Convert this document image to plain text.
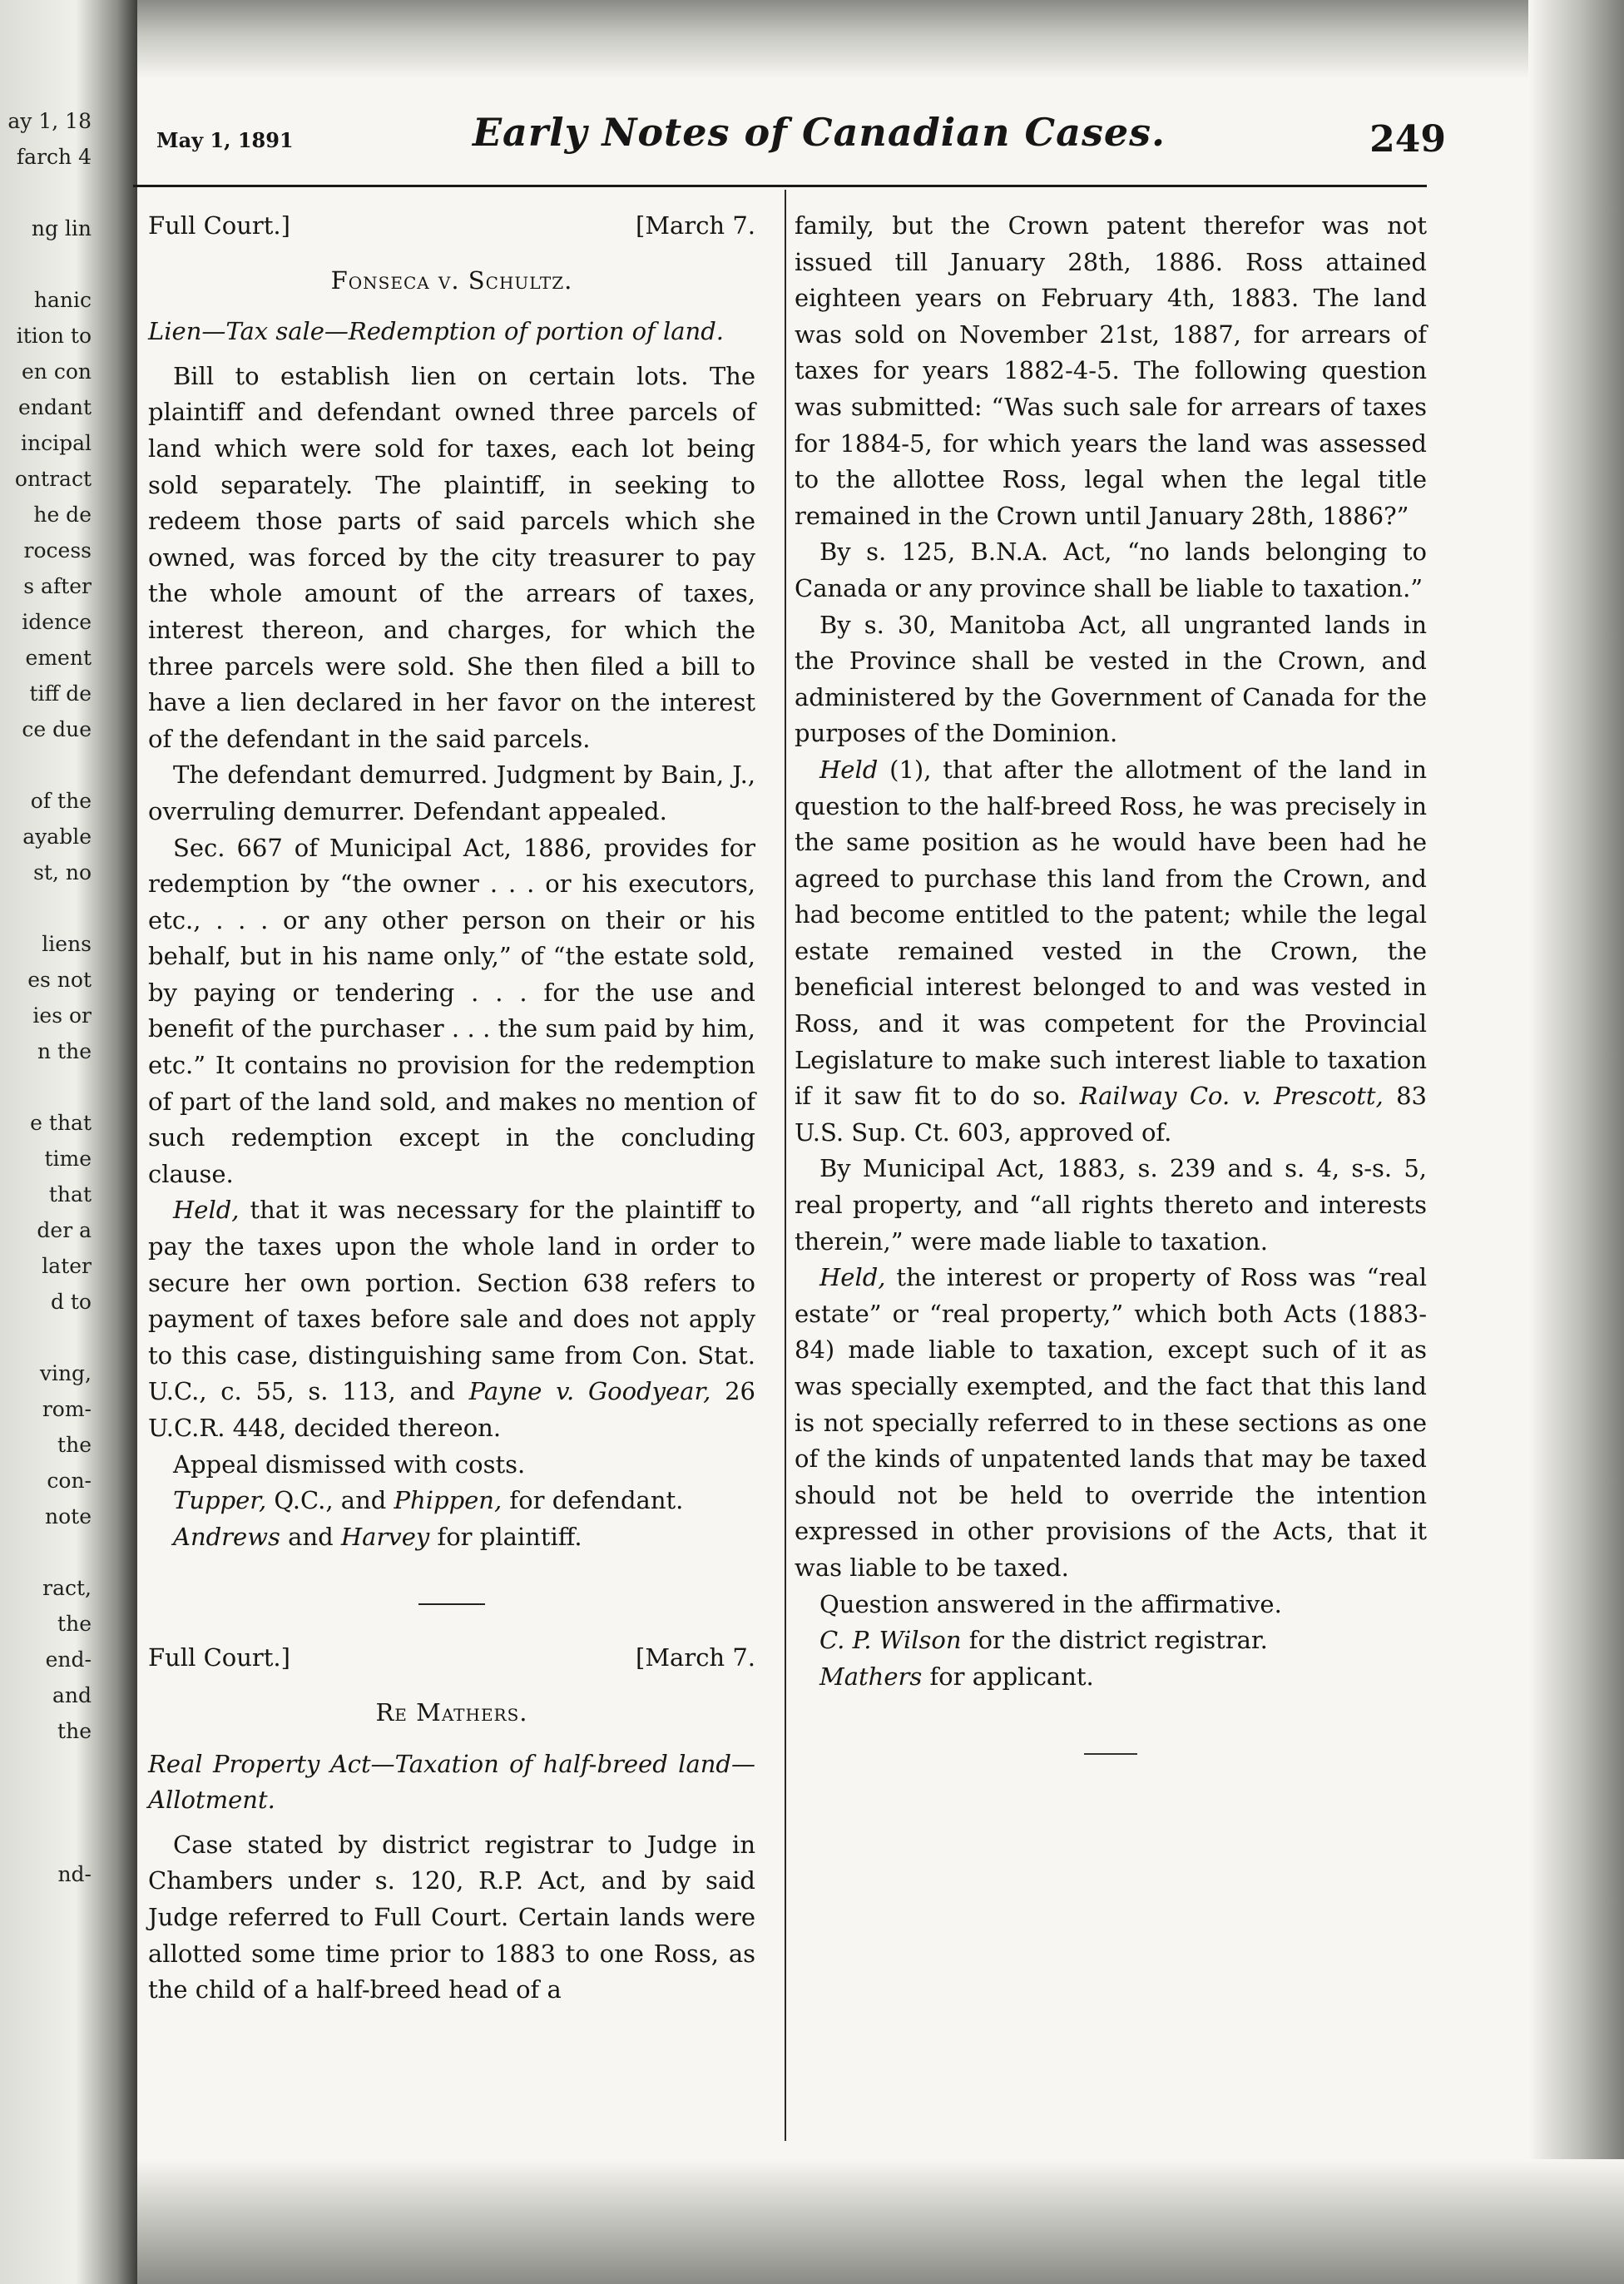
ay 1, 18
farch 4
ng lin
hanic
ition to
en con
endant
incipal
ontract
he de
rocess
s after
idence
ement
tiff de
ce due
of the
ayable
st, no
liens
es not
ies or
n the
e that
time
that
der a
later
d to
ving,
rom-
the
con-
note
ract,
the
end-
and
the
nd-
May 1, 1891	Early Notes of Canadian Cases.	249
Full Court.]	[March 7.
Fonseca v. Schultz.
Lien—Tax sale—Redemption of portion of land.

Bill to establish lien on certain lots. The plaintiff and defendant owned three parcels of land which were sold for taxes, each lot being sold separately. The plaintiff, in seeking to redeem those parts of said parcels which she owned, was forced by the city treasurer to pay the whole amount of the arrears of taxes, interest thereon, and charges, for which the three parcels were sold. She then filed a bill to have a lien declared in her favor on the interest of the defendant in the said parcels.

The defendant demurred. Judgment by Bain, J., overruling demurrer. Defendant appealed.

Sec. 667 of Municipal Act, 1886, provides for redemption by “the owner . . . or his executors, etc., . . . or any other person on their or his behalf, but in his name only,” of “the estate sold, by paying or tendering . . . for the use and benefit of the purchaser . . . the sum paid by him, etc.” It contains no provision for the redemption of part of the land sold, and makes no mention of such redemption except in the concluding clause.

Held, that it was necessary for the plaintiff to pay the taxes upon the whole land in order to secure her own portion. Section 638 refers to payment of taxes before sale and does not apply to this case, distinguishing same from Con. Stat. U.C., c. 55, s. 113, and Payne v. Goodyear, 26 U.C.R. 448, decided thereon.

Appeal dismissed with costs.

Tupper, Q.C., and Phippen, for defendant.

Andrews and Harvey for plaintiff.

Full Court.]	[March 7.
Re Mathers.
Real Property Act—Taxation of half-breed land—Allotment.

Case stated by district registrar to Judge in Chambers under s. 120, R.P. Act, and by said Judge referred to Full Court. Certain lands were allotted some time prior to 1883 to one Ross, as the child of a half-breed head of a

family, but the Crown patent therefor was not issued till January 28th, 1886. Ross attained eighteen years on February 4th, 1883. The land was sold on November 21st, 1887, for arrears of taxes for years 1882-4-5. The following question was submitted: “Was such sale for arrears of taxes for 1884-5, for which years the land was assessed to the allottee Ross, legal when the legal title remained in the Crown until January 28th, 1886?”

By s. 125, B.N.A. Act, “no lands belonging to Canada or any province shall be liable to taxation.”

By s. 30, Manitoba Act, all ungranted lands in the Province shall be vested in the Crown, and administered by the Government of Canada for the purposes of the Dominion.

Held (1), that after the allotment of the land in question to the half-breed Ross, he was precisely in the same position as he would have been had he agreed to purchase this land from the Crown, and had become entitled to the patent; while the legal estate remained vested in the Crown, the beneficial interest belonged to and was vested in Ross, and it was competent for the Provincial Legislature to make such interest liable to taxation if it saw fit to do so. Railway Co. v. Prescott, 83 U.S. Sup. Ct. 603, approved of.

By Municipal Act, 1883, s. 239 and s. 4, s-s. 5, real property, and “all rights thereto and interests therein,” were made liable to taxation.

Held, the interest or property of Ross was “real estate” or “real property,” which both Acts (1883-84) made liable to taxation, except such of it as was specially exempted, and the fact that this land is not specially referred to in these sections as one of the kinds of unpatented lands that may be taxed should not be held to override the intention expressed in other provisions of the Acts, that it was liable to be taxed.

Question answered in the affirmative.

C. P. Wilson for the district registrar.

Mathers for applicant.
